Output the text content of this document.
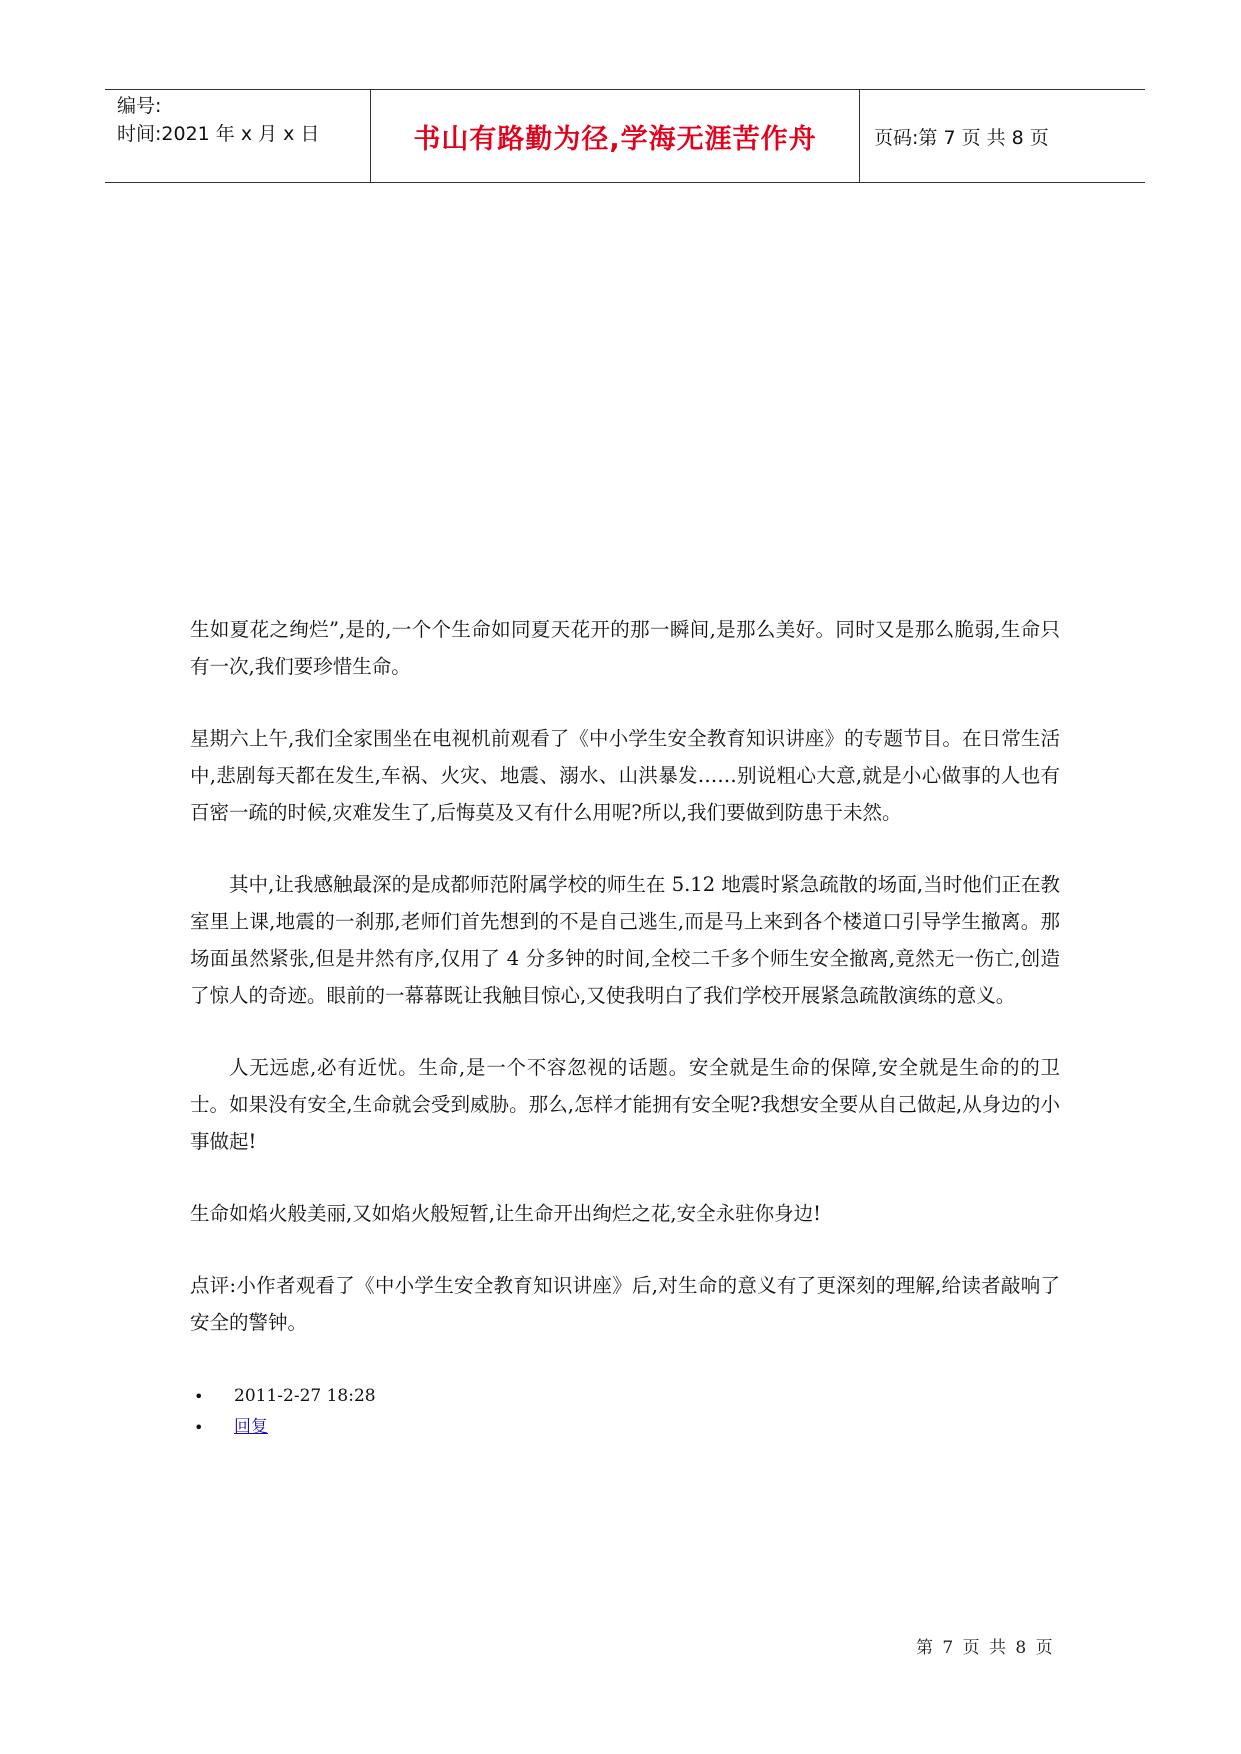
编号:
时间:2021 年 x 月 x 日	书山有路勤为径,学海无涯苦作舟	页码:第 7 页 共 8 页

生如夏花之绚烂”,是的,一个个生命如同夏天花开的那一瞬间,是那么美好。同时又是那么脆弱,生命只有一次,我们要珍惜生命。

星期六上午,我们全家围坐在电视机前观看了《中小学生安全教育知识讲座》的专题节目。在日常生活中,悲剧每天都在发生,车祸、火灾、地震、溺水、山洪暴发……别说粗心大意,就是小心做事的人也有百密一疏的时候,灾难发生了,后悔莫及又有什么用呢?所以,我们要做到防患于未然。

其中,让我感触最深的是成都师范附属学校的师生在 5.12 地震时紧急疏散的场面,当时他们正在教室里上课,地震的一刹那,老师们首先想到的不是自己逃生,而是马上来到各个楼道口引导学生撤离。那场面虽然紧张,但是井然有序,仅用了 4 分多钟的时间,全校二千多个师生安全撤离,竟然无一伤亡,创造了惊人的奇迹。眼前的一幕幕既让我触目惊心,又使我明白了我们学校开展紧急疏散演练的意义。

人无远虑,必有近忧。生命,是一个不容忽视的话题。安全就是生命的保障,安全就是生命的的卫士。如果没有安全,生命就会受到威胁。那么,怎样才能拥有安全呢?我想安全要从自己做起,从身边的小事做起!

生命如焰火般美丽,又如焰火般短暂,让生命开出绚烂之花,安全永驻你身边!

点评:小作者观看了《中小学生安全教育知识讲座》后,对生命的意义有了更深刻的理解,给读者敲响了安全的警钟。

• 2011-2-27 18:28
• 回复
第 7 页 共 8 页
